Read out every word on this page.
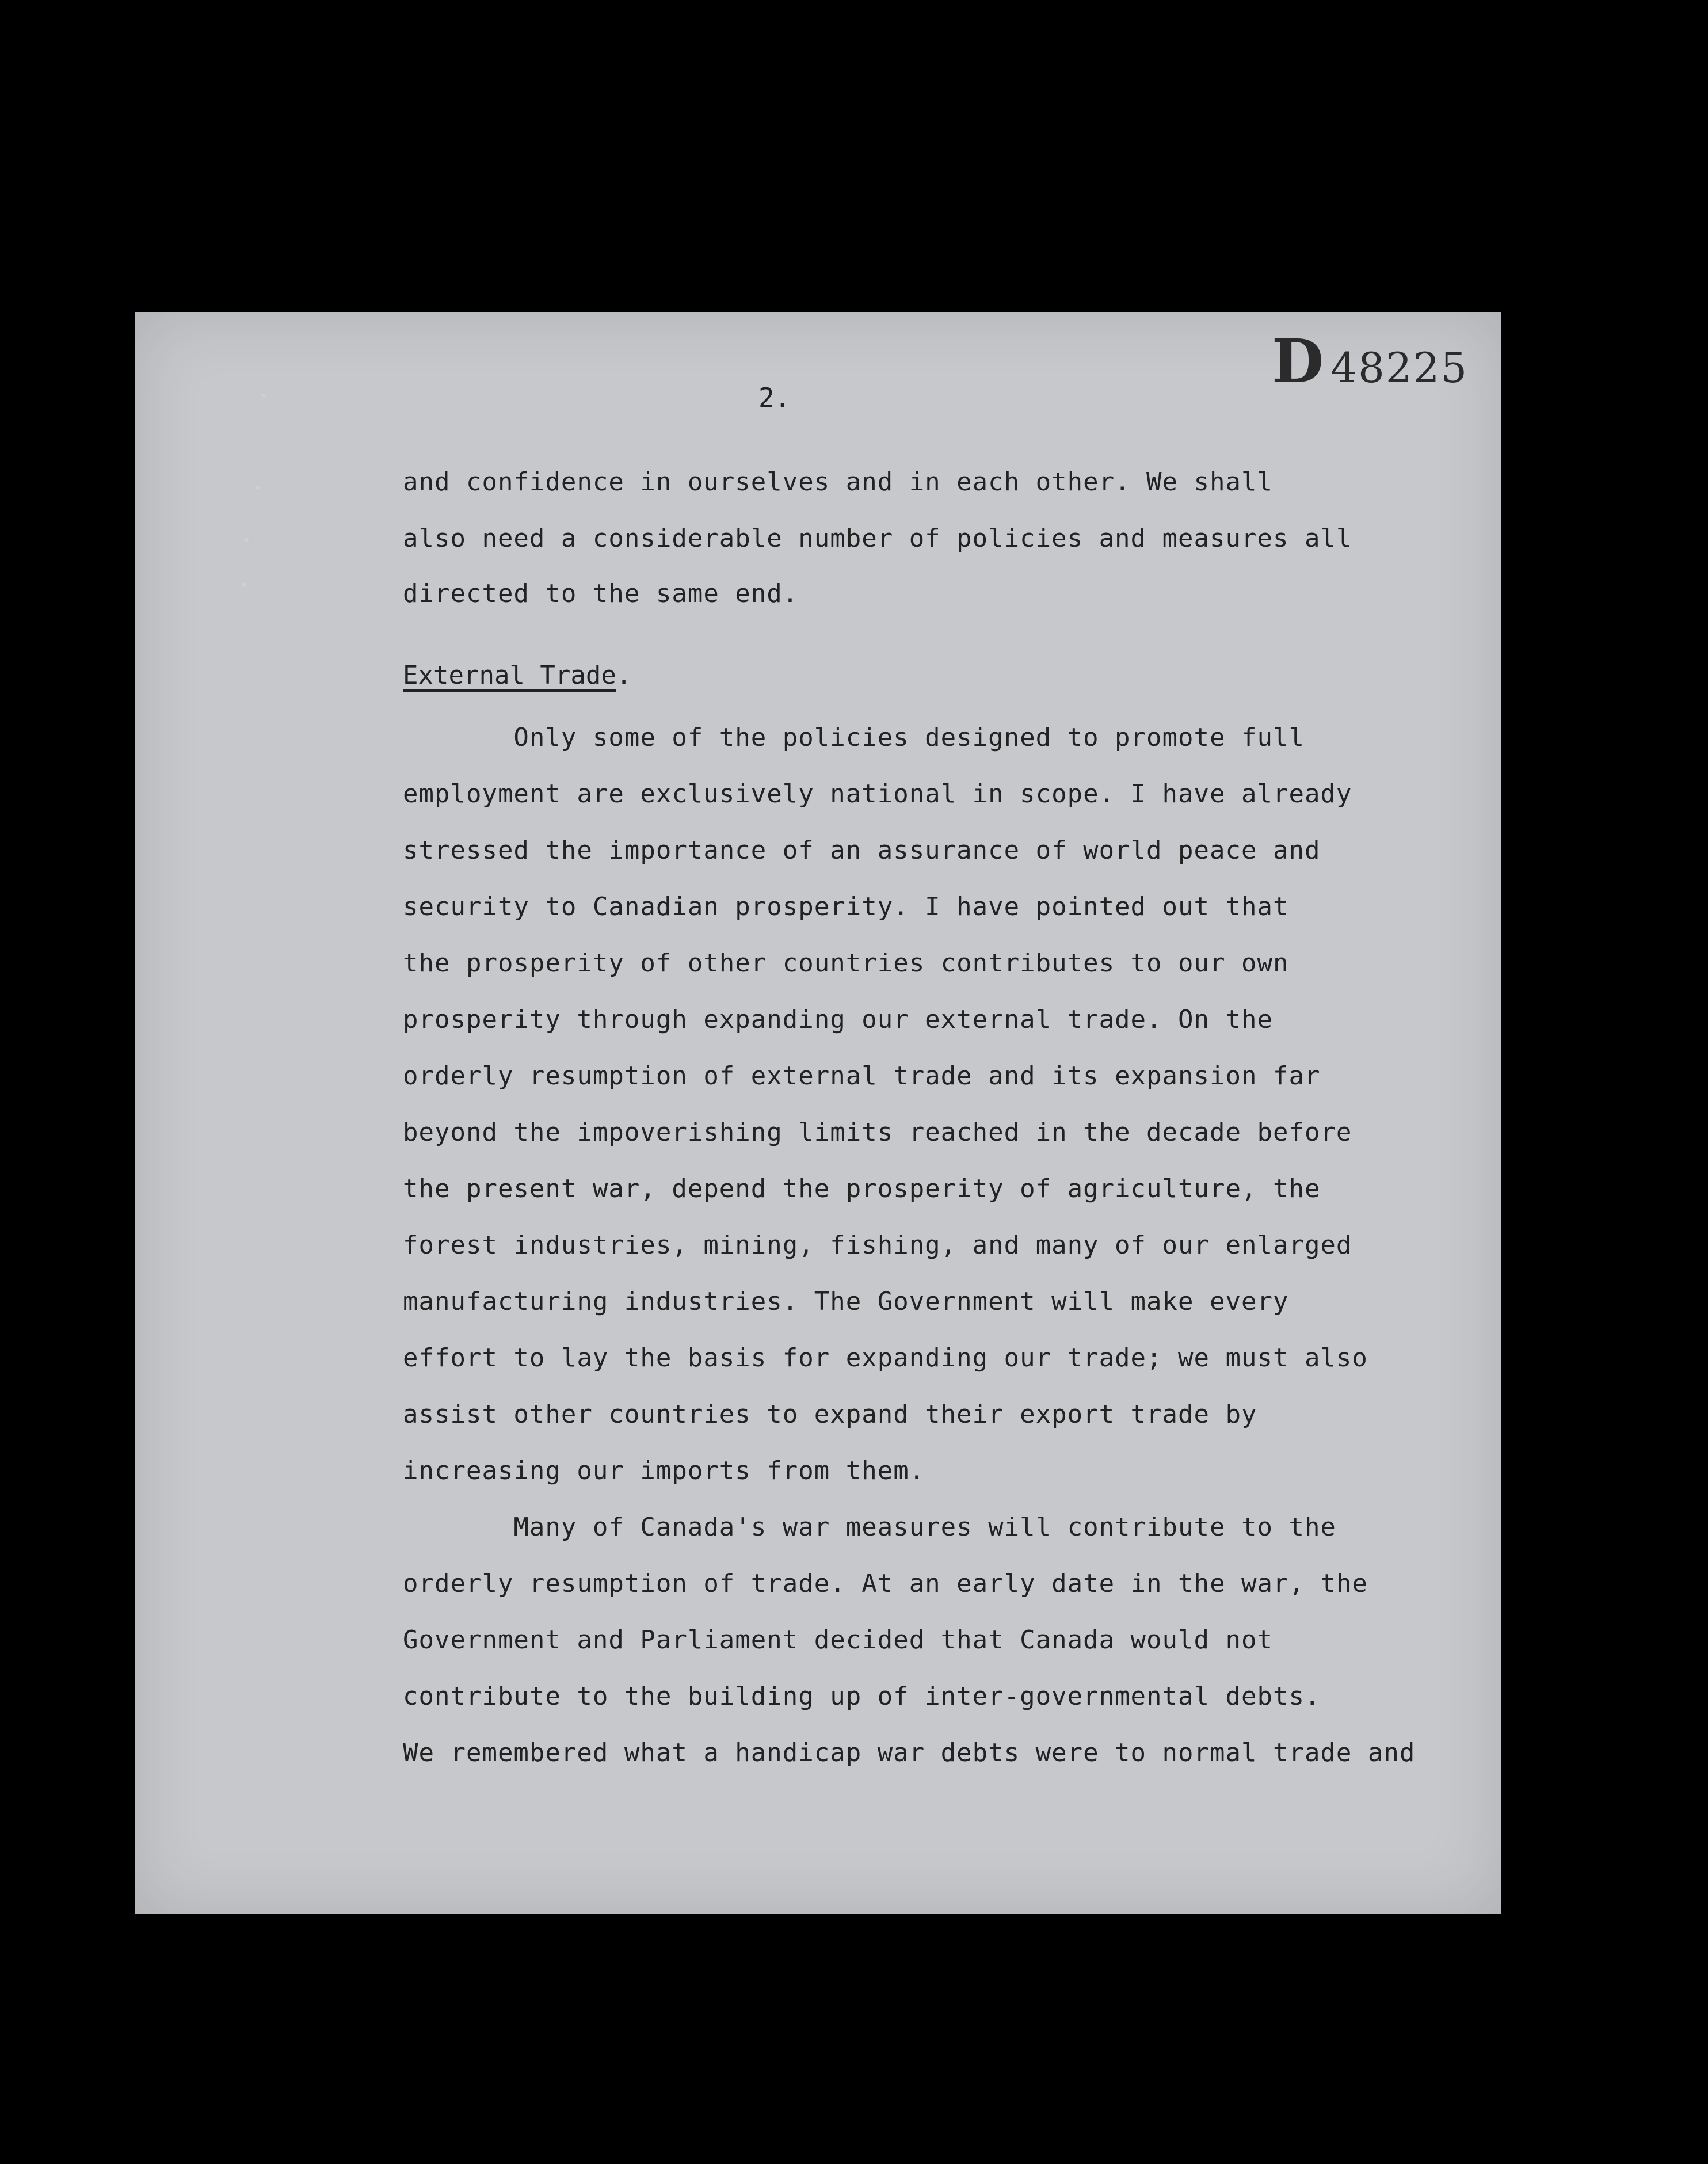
D 48225
2.
and confidence in ourselves and in each other. We shall
also need a considerable number of policies and measures all
directed to the same end.
External Trade.
Only some of the policies designed to promote full
employment are exclusively national in scope. I have already
stressed the importance of an assurance of world peace and
security to Canadian prosperity. I have pointed out that
the prosperity of other countries contributes to our own
prosperity through expanding our external trade. On the
orderly resumption of external trade and its expansion far
beyond the impoverishing limits reached in the decade before
the present war, depend the prosperity of agriculture, the
forest industries, mining, fishing, and many of our enlarged
manufacturing industries. The Government will make every
effort to lay the basis for expanding our trade; we must also
assist other countries to expand their export trade by
increasing our imports from them.
Many of Canada's war measures will contribute to the
orderly resumption of trade. At an early date in the war, the
Government and Parliament decided that Canada would not
contribute to the building up of inter-governmental debts.
We remembered what a handicap war debts were to normal trade and
